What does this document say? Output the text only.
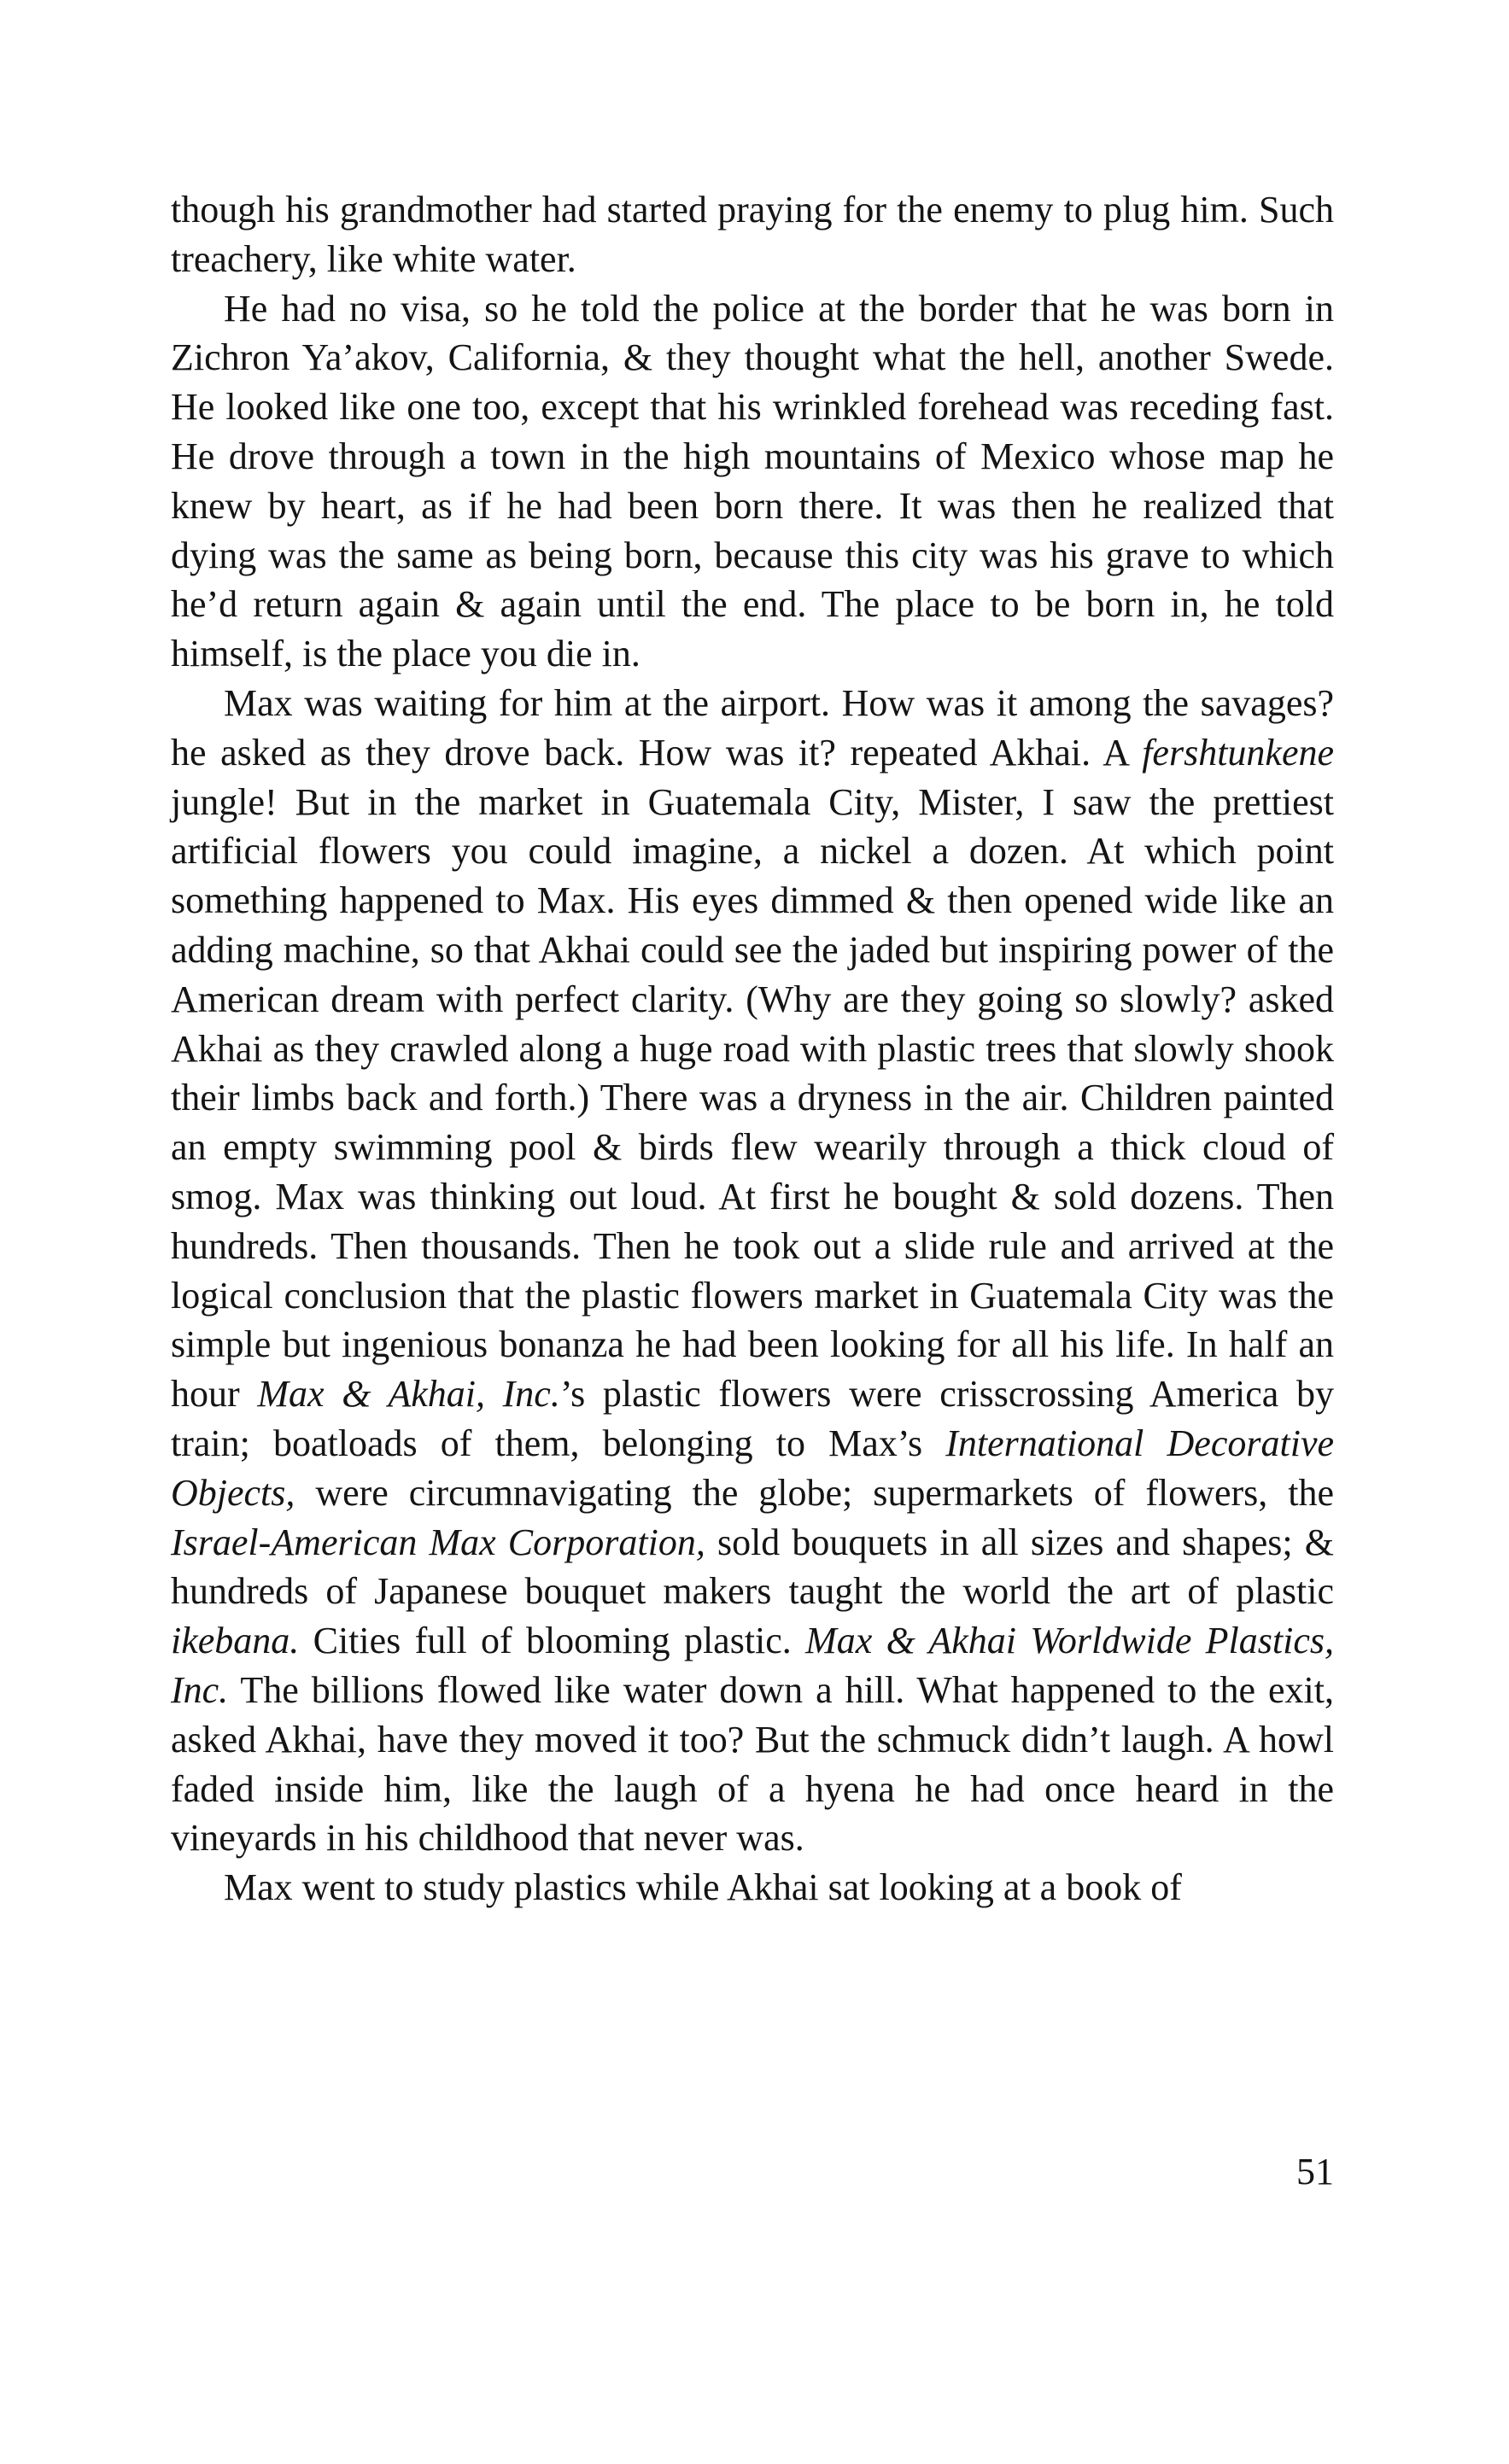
though his grandmother had started praying for the enemy to plug him. Such treachery, like white water.

He had no visa, so he told the police at the border that he was born in Zichron Ya’akov, California, & they thought what the hell, another Swede. He looked like one too, except that his wrinkled forehead was receding fast. He drove through a town in the high mountains of Mexico whose map he knew by heart, as if he had been born there. It was then he realized that dying was the same as being born, because this city was his grave to which he’d return again & again until the end. The place to be born in, he told himself, is the place you die in.

Max was waiting for him at the airport. How was it among the savages? he asked as they drove back. How was it? repeated Akhai. A fershtunkene jungle! But in the market in Guatemala City, Mister, I saw the prettiest artificial flowers you could imagine, a nickel a dozen. At which point something happened to Max. His eyes dimmed & then opened wide like an adding machine, so that Akhai could see the jaded but inspiring power of the American dream with perfect clarity. (Why are they going so slowly? asked Akhai as they crawled along a huge road with plastic trees that slowly shook their limbs back and forth.) There was a dryness in the air. Children painted an empty swimming pool & birds flew wearily through a thick cloud of smog. Max was thinking out loud. At first he bought & sold dozens. Then hundreds. Then thousands. Then he took out a slide rule and arrived at the logical conclusion that the plastic flowers market in Guatemala City was the simple but ingenious bonanza he had been looking for all his life. In half an hour Max & Akhai, Inc.’s plastic flowers were crisscrossing America by train; boatloads of them, belonging to Max’s International Decorative Objects, were circumnavigating the globe; supermarkets of flowers, the Israel-American Max Corporation, sold bouquets in all sizes and shapes; & hundreds of Japanese bouquet makers taught the world the art of plastic ikebana. Cities full of blooming plastic. Max & Akhai Worldwide Plastics, Inc. The billions flowed like water down a hill. What happened to the exit, asked Akhai, have they moved it too? But the schmuck didn’t laugh. A howl faded inside him, like the laugh of a hyena he had once heard in the vineyards in his childhood that never was.

Max went to study plastics while Akhai sat looking at a book of

51
